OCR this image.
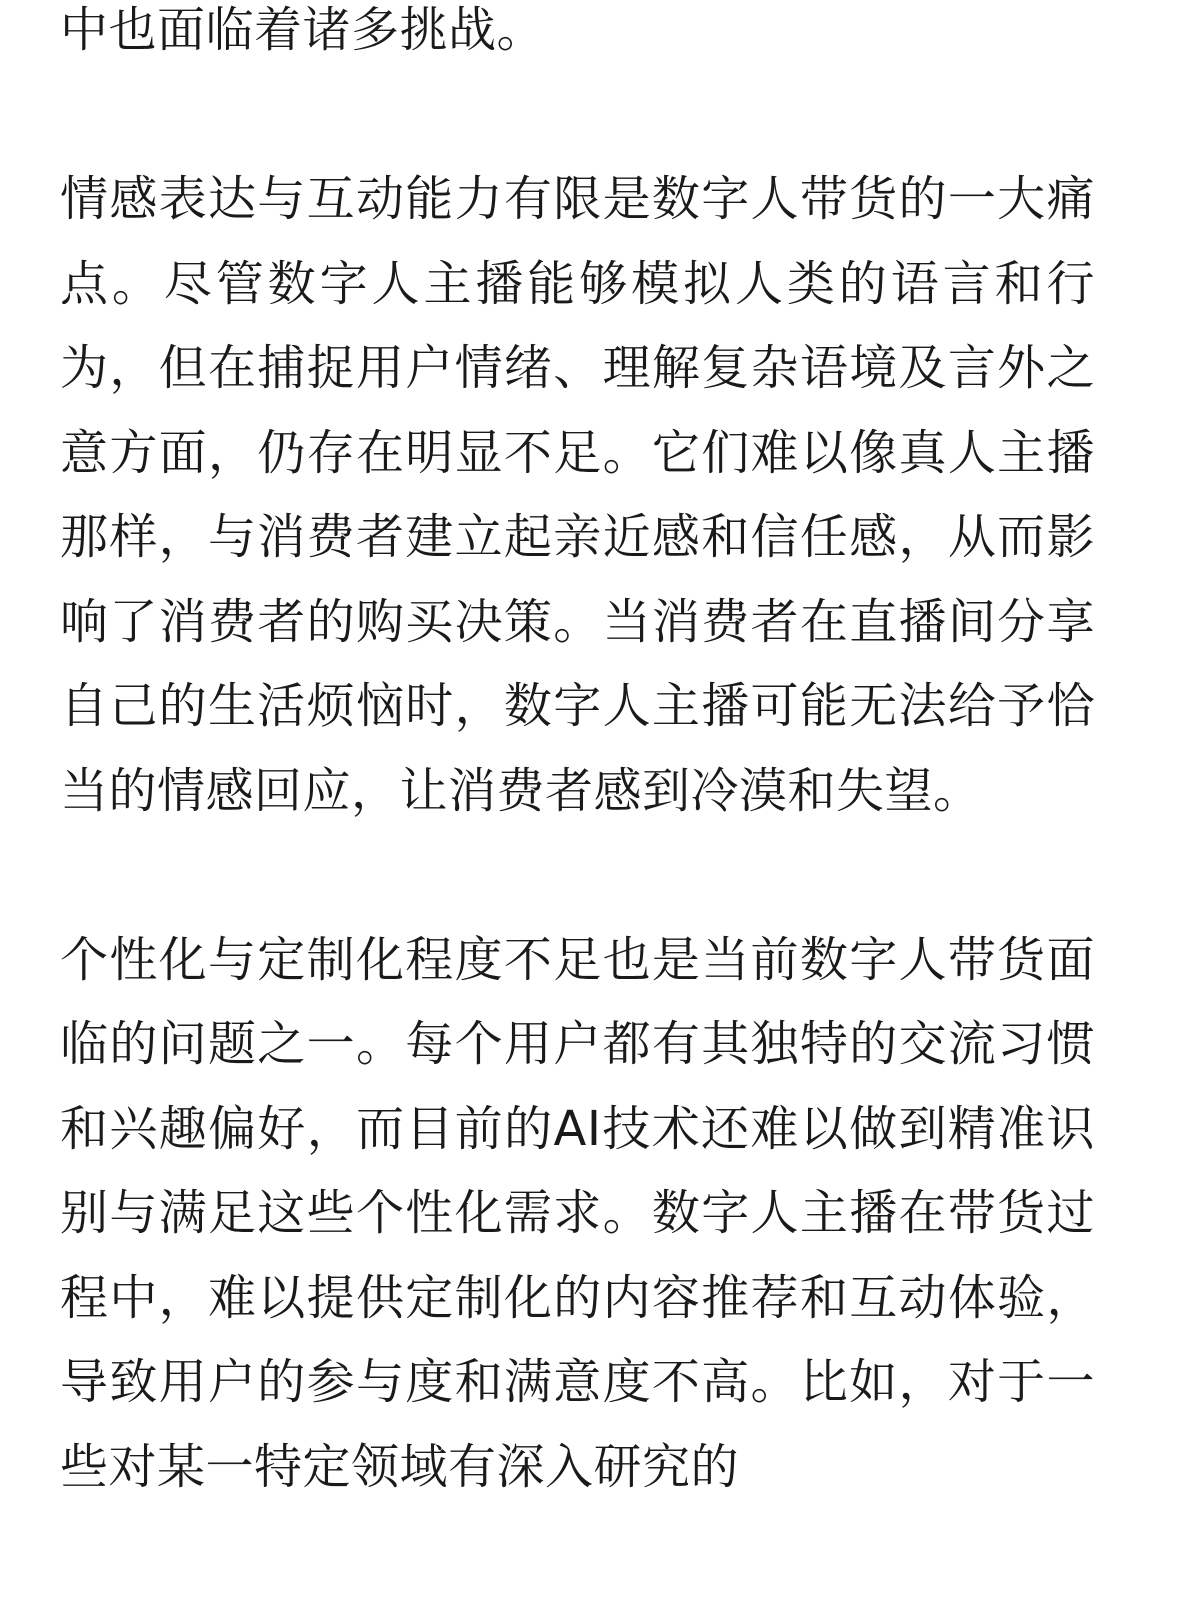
中也面临着诸多挑战。

情感表达与互动能力有限是数字人带货的一大痛点。尽管数字人主播能够模拟人类的语言和行为，但在捕捉用户情绪、理解复杂语境及言外之意方面，仍存在明显不足。它们难以像真人主播那样，与消费者建立起亲近感和信任感，从而影响了消费者的购买决策。当消费者在直播间分享自己的生活烦恼时，数字人主播可能无法给予恰当的情感回应，让消费者感到冷漠和失望。

个性化与定制化程度不足也是当前数字人带货面临的问题之一。每个用户都有其独特的交流习惯和兴趣偏好，而目前的AI技术还难以做到精准识别与满足这些个性化需求。数字人主播在带货过程中，难以提供定制化的内容推荐和互动体验，导致用户的参与度和满意度不高。比如，对于一些对某一特定领域有深入研究的
